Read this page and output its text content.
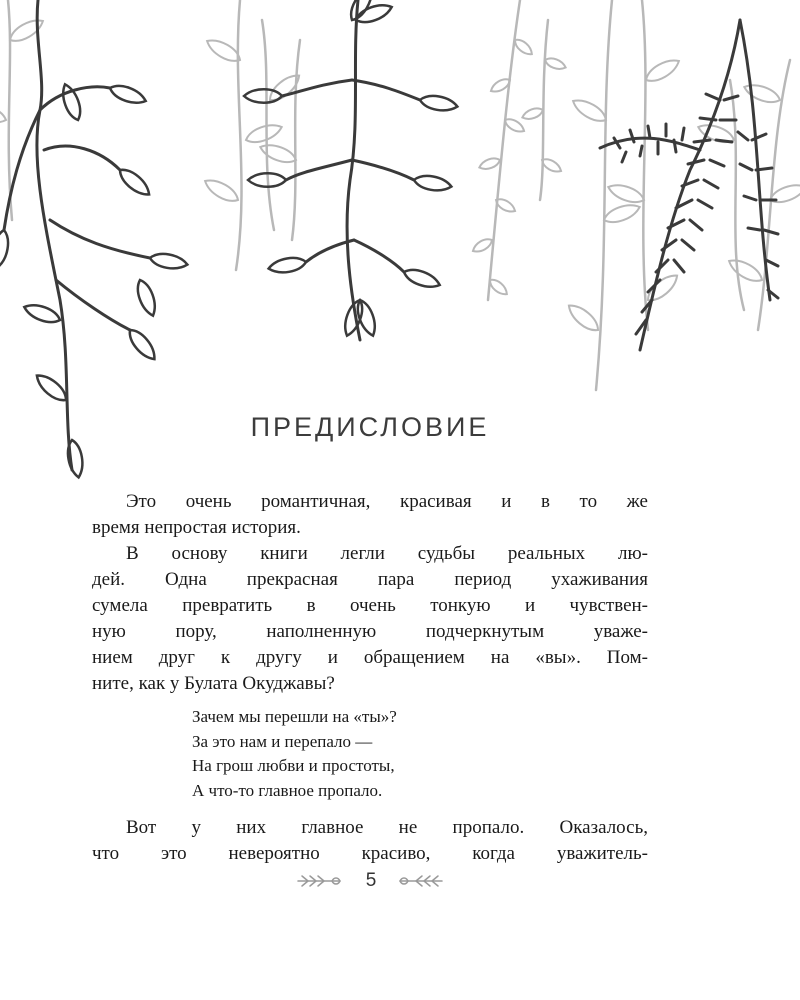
ПРЕДИСЛОВИЕ
Это очень романтичная, красивая и в то же
время непростая история.
В основу книги легли судьбы реальных лю-
дей. Одна прекрасная пара период ухаживания
сумела превратить в очень тонкую и чувствен-
ную пору, наполненную подчеркнутым уваже-
нием друг к другу и обращением на «вы». Пом-
ните, как у Булата Окуджавы?
Зачем мы перешли на «ты»?
За это нам и перепало —
На грош любви и простоты,
А что-то главное пропало.
Вот у них главное не пропало. Оказалось,
что это невероятно красиво, когда уважитель-
5
